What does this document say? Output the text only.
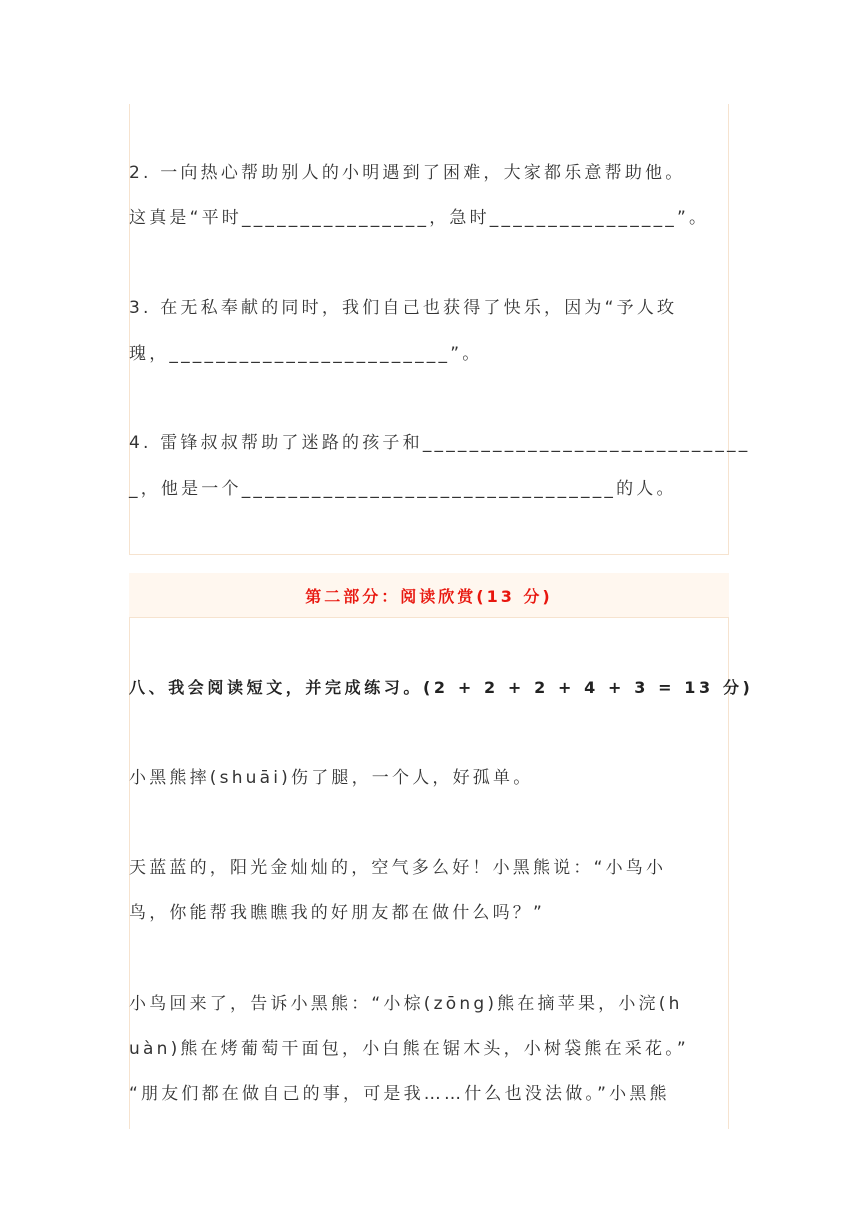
2. 一向热心帮助别人的小明遇到了困难，大家都乐意帮助他。
这真是“平时________________，急时________________”。
3. 在无私奉献的同时，我们自己也获得了快乐，因为“予人玫
瑰，________________________”。
4. 雷锋叔叔帮助了迷路的孩子和____________________________
_，他是一个________________________________的人。
第二部分：阅读欣赏(13 分)
八、我会阅读短文，并完成练习。(2 + 2 + 2 + 4 + 3 = 13 分)
小黑熊摔(shuāi)伤了腿，一个人，好孤单。
天蓝蓝的，阳光金灿灿的，空气多么好！小黑熊说：“小鸟小
鸟，你能帮我瞧瞧我的好朋友都在做什么吗？”
小鸟回来了，告诉小黑熊：“小棕(zōng)熊在摘苹果，小浣(h
uàn)熊在烤葡萄干面包，小白熊在锯木头，小树袋熊在采花。”
“朋友们都在做自己的事，可是我……什么也没法做。”小黑熊
